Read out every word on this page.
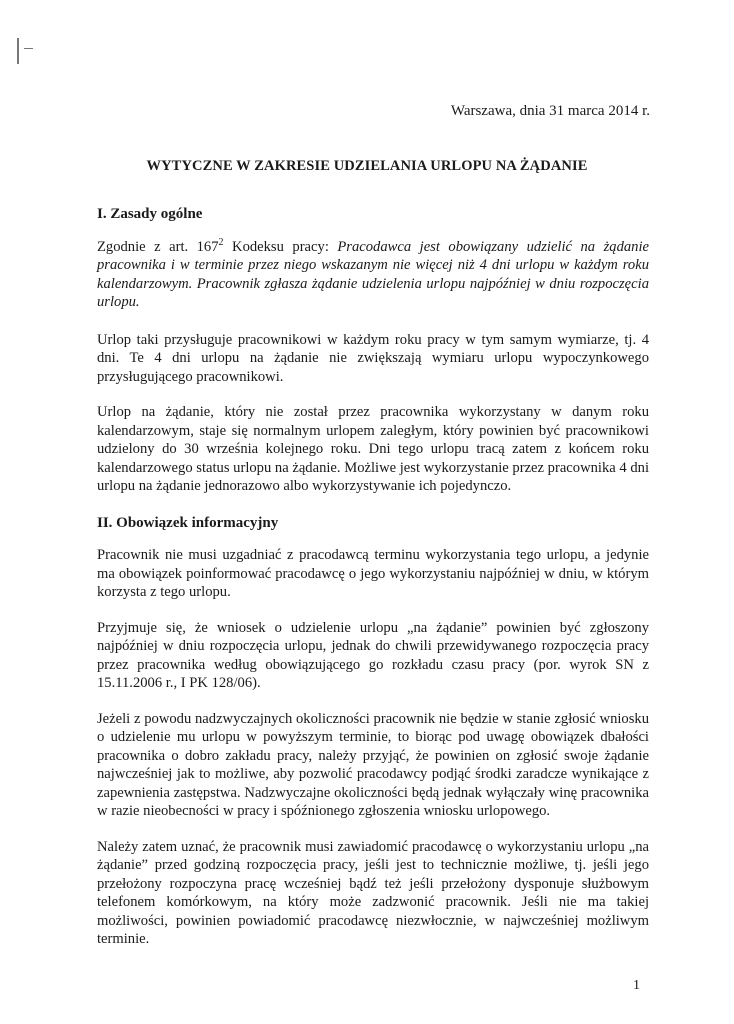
Warszawa, dnia 31 marca 2014 r.
WYTYCZNE W ZAKRESIE UDZIELANIA URLOPU NA ŻĄDANIE
I. Zasady ogólne

Zgodnie z art. $167^2$ Kodeksu pracy: Pracodawca jest obowiązany udzielić na żądanie pracownika i w terminie przez niego wskazanym nie więcej niż 4 dni urlopu w każdym roku kalendarzowym. Pracownik zgłasza żądanie udzielenia urlopu najpóźniej w dniu rozpoczęcia urlopu.

Urlop taki przysługuje pracownikowi w każdym roku pracy w tym samym wymiarze, tj. 4 dni. Te 4 dni urlopu na żądanie nie zwiększają wymiaru urlopu wypoczynkowego przysługującego pracownikowi.

Urlop na żądanie, który nie został przez pracownika wykorzystany w danym roku kalendarzowym, staje się normalnym urlopem zaległym, który powinien być pracownikowi udzielony do 30 września kolejnego roku. Dni tego urlopu tracą zatem z końcem roku kalendarzowego status urlopu na żądanie. Możliwe jest wykorzystanie przez pracownika 4 dni urlopu na żądanie jednorazowo albo wykorzystywanie ich pojedynczo.

II. Obowiązek informacyjny

Pracownik nie musi uzgadniać z pracodawcą terminu wykorzystania tego urlopu, a jedynie ma obowiązek poinformować pracodawcę o jego wykorzystaniu najpóźniej w dniu, w którym korzysta z tego urlopu.

Przyjmuje się, że wniosek o udzielenie urlopu „na żądanie” powinien być zgłoszony najpóźniej w dniu rozpoczęcia urlopu, jednak do chwili przewidywanego rozpoczęcia pracy przez pracownika według obowiązującego go rozkładu czasu pracy (por. wyrok SN z 15.11.2006 r., I PK 128/06).

Jeżeli z powodu nadzwyczajnych okoliczności pracownik nie będzie w stanie zgłosić wniosku o udzielenie mu urlopu w powyższym terminie, to biorąc pod uwagę obowiązek dbałości pracownika o dobro zakładu pracy, należy przyjąć, że powinien on zgłosić swoje żądanie najwcześniej jak to możliwe, aby pozwolić pracodawcy podjąć środki zaradcze wynikające z zapewnienia zastępstwa. Nadzwyczajne okoliczności będą jednak wyłączały winę pracownika w razie nieobecności w pracy i spóźnionego zgłoszenia wniosku urlopowego.

Należy zatem uznać, że pracownik musi zawiadomić pracodawcę o wykorzystaniu urlopu „na żądanie” przed godziną rozpoczęcia pracy, jeśli jest to technicznie możliwe, tj. jeśli jego przełożony rozpoczyna pracę wcześniej bądź też jeśli przełożony dysponuje służbowym telefonem komórkowym, na który może zadzwonić pracownik. Jeśli nie ma takiej możliwości, powinien powiadomić pracodawcę niezwłocznie, w najwcześniej możliwym terminie.

1
